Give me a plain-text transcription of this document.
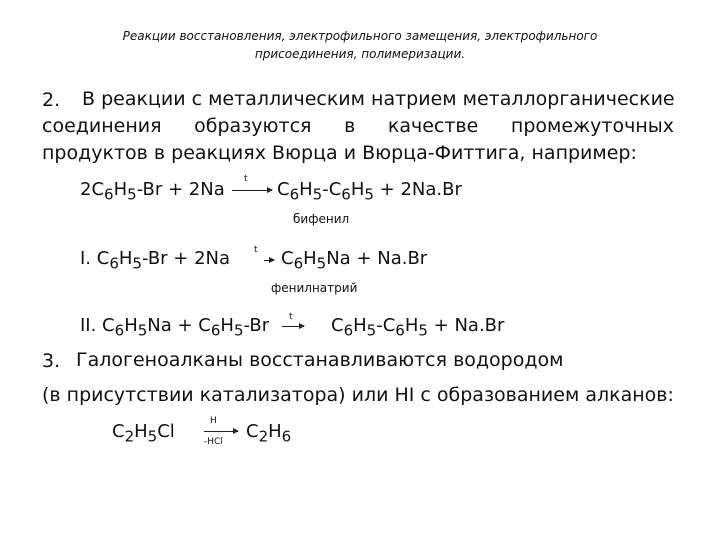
Реакции восстановления, электрофильного замещения, электрофильного
присоединения, полимеризации.
2. В реакции с металлическим натрием металлорганические
соединения образуются в качестве промежуточных
продуктов в реакциях Вюрца и Вюрца-Фиттига, например:
$2C_6H_5-Br + 2Na$ $t \to C_6H_5-C_6H_5 + 2Na.Br$
бифенил
I. $C_6H_5-Br + 2Na$	t $C_6H_5Na + Na.Br$
фенилнатрий
II. $C_6H_5Na + C_6H_5-Br$ t $C_6H_5-C_6H_5 + Na.Br$
3. Галогеноалканы восстанавливаются водородом
(в присутствии катализатора) или HI с образованием алканов:
$C_2H_5Cl$	H
-HCl $C_2H_6$
